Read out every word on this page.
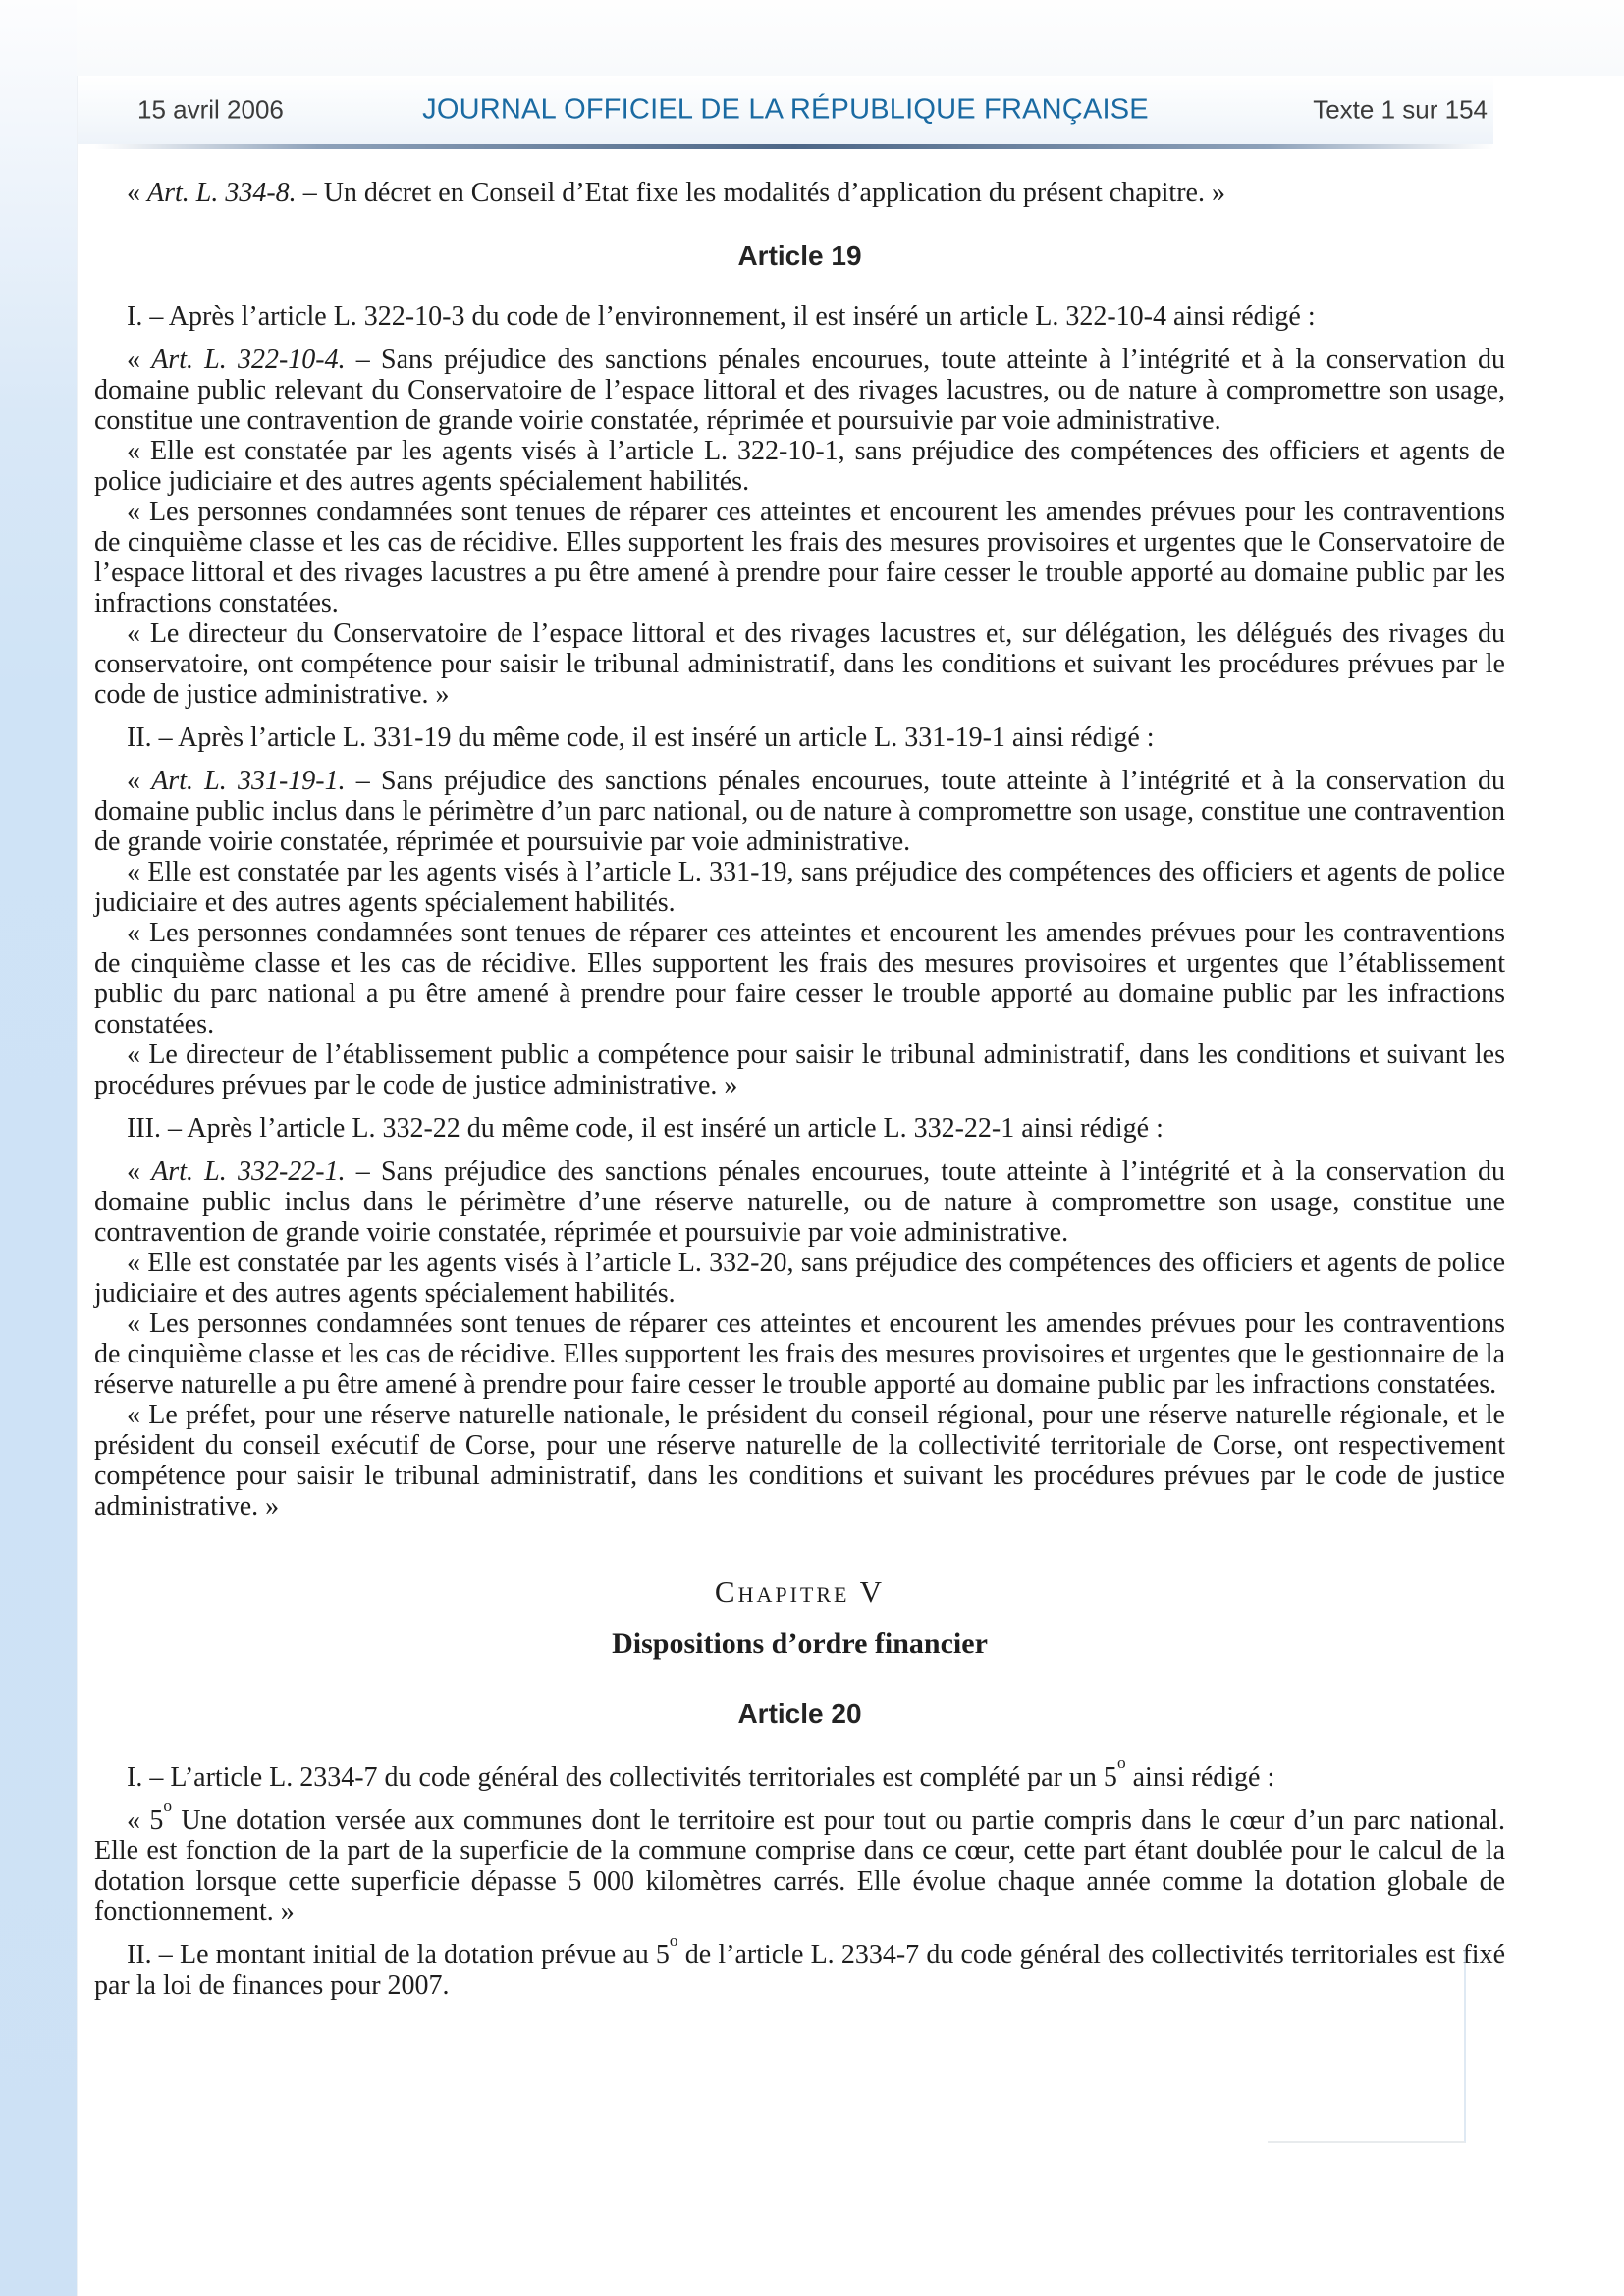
15 avril 2006	JOURNAL OFFICIEL DE LA RÉPUBLIQUE FRANÇAISE	Texte 1 sur 154

« Art. L. 334-8. – Un décret en Conseil d’Etat fixe les modalités d’application du présent chapitre. »

Article 19

I. – Après l’article L. 322-10-3 du code de l’environnement, il est inséré un article L. 322-10-4 ainsi rédigé :

« Art. L. 322-10-4. – Sans préjudice des sanctions pénales encourues, toute atteinte à l’intégrité et à la conservation du domaine public relevant du Conservatoire de l’espace littoral et des rivages lacustres, ou de nature à compromettre son usage, constitue une contravention de grande voirie constatée, réprimée et poursuivie par voie administrative.

« Elle est constatée par les agents visés à l’article L. 322-10-1, sans préjudice des compétences des officiers et agents de police judiciaire et des autres agents spécialement habilités.

« Les personnes condamnées sont tenues de réparer ces atteintes et encourent les amendes prévues pour les contraventions de cinquième classe et les cas de récidive. Elles supportent les frais des mesures provisoires et urgentes que le Conservatoire de l’espace littoral et des rivages lacustres a pu être amené à prendre pour faire cesser le trouble apporté au domaine public par les infractions constatées.

« Le directeur du Conservatoire de l’espace littoral et des rivages lacustres et, sur délégation, les délégués des rivages du conservatoire, ont compétence pour saisir le tribunal administratif, dans les conditions et suivant les procédures prévues par le code de justice administrative. »

II. – Après l’article L. 331-19 du même code, il est inséré un article L. 331-19-1 ainsi rédigé :

« Art. L. 331-19-1. – Sans préjudice des sanctions pénales encourues, toute atteinte à l’intégrité et à la conservation du domaine public inclus dans le périmètre d’un parc national, ou de nature à compromettre son usage, constitue une contravention de grande voirie constatée, réprimée et poursuivie par voie administrative.

« Elle est constatée par les agents visés à l’article L. 331-19, sans préjudice des compétences des officiers et agents de police judiciaire et des autres agents spécialement habilités.

« Les personnes condamnées sont tenues de réparer ces atteintes et encourent les amendes prévues pour les contraventions de cinquième classe et les cas de récidive. Elles supportent les frais des mesures provisoires et urgentes que l’établissement public du parc national a pu être amené à prendre pour faire cesser le trouble apporté au domaine public par les infractions constatées.

« Le directeur de l’établissement public a compétence pour saisir le tribunal administratif, dans les conditions et suivant les procédures prévues par le code de justice administrative. »

III. – Après l’article L. 332-22 du même code, il est inséré un article L. 332-22-1 ainsi rédigé :

« Art. L. 332-22-1. – Sans préjudice des sanctions pénales encourues, toute atteinte à l’intégrité et à la conservation du domaine public inclus dans le périmètre d’une réserve naturelle, ou de nature à compromettre son usage, constitue une contravention de grande voirie constatée, réprimée et poursuivie par voie administrative.

« Elle est constatée par les agents visés à l’article L. 332-20, sans préjudice des compétences des officiers et agents de police judiciaire et des autres agents spécialement habilités.

« Les personnes condamnées sont tenues de réparer ces atteintes et encourent les amendes prévues pour les contraventions de cinquième classe et les cas de récidive. Elles supportent les frais des mesures provisoires et urgentes que le gestionnaire de la réserve naturelle a pu être amené à prendre pour faire cesser le trouble apporté au domaine public par les infractions constatées.

« Le préfet, pour une réserve naturelle nationale, le président du conseil régional, pour une réserve naturelle régionale, et le président du conseil exécutif de Corse, pour une réserve naturelle de la collectivité territoriale de Corse, ont respectivement compétence pour saisir le tribunal administratif, dans les conditions et suivant les procédures prévues par le code de justice administrative. »

Chapitre V
Dispositions d’ordre financier
Article 20

I. – L’article L. 2334-7 du code général des collectivités territoriales est complété par un 5$^o$ ainsi rédigé :

« 5$^o$ Une dotation versée aux communes dont le territoire est pour tout ou partie compris dans le cœur d’un parc national. Elle est fonction de la part de la superficie de la commune comprise dans ce cœur, cette part étant doublée pour le calcul de la dotation lorsque cette superficie dépasse 5 000 kilomètres carrés. Elle évolue chaque année comme la dotation globale de fonctionnement. »

II. – Le montant initial de la dotation prévue au 5$^o$ de l’article L. 2334-7 du code général des collectivités territoriales est fixé par la loi de finances pour 2007.
